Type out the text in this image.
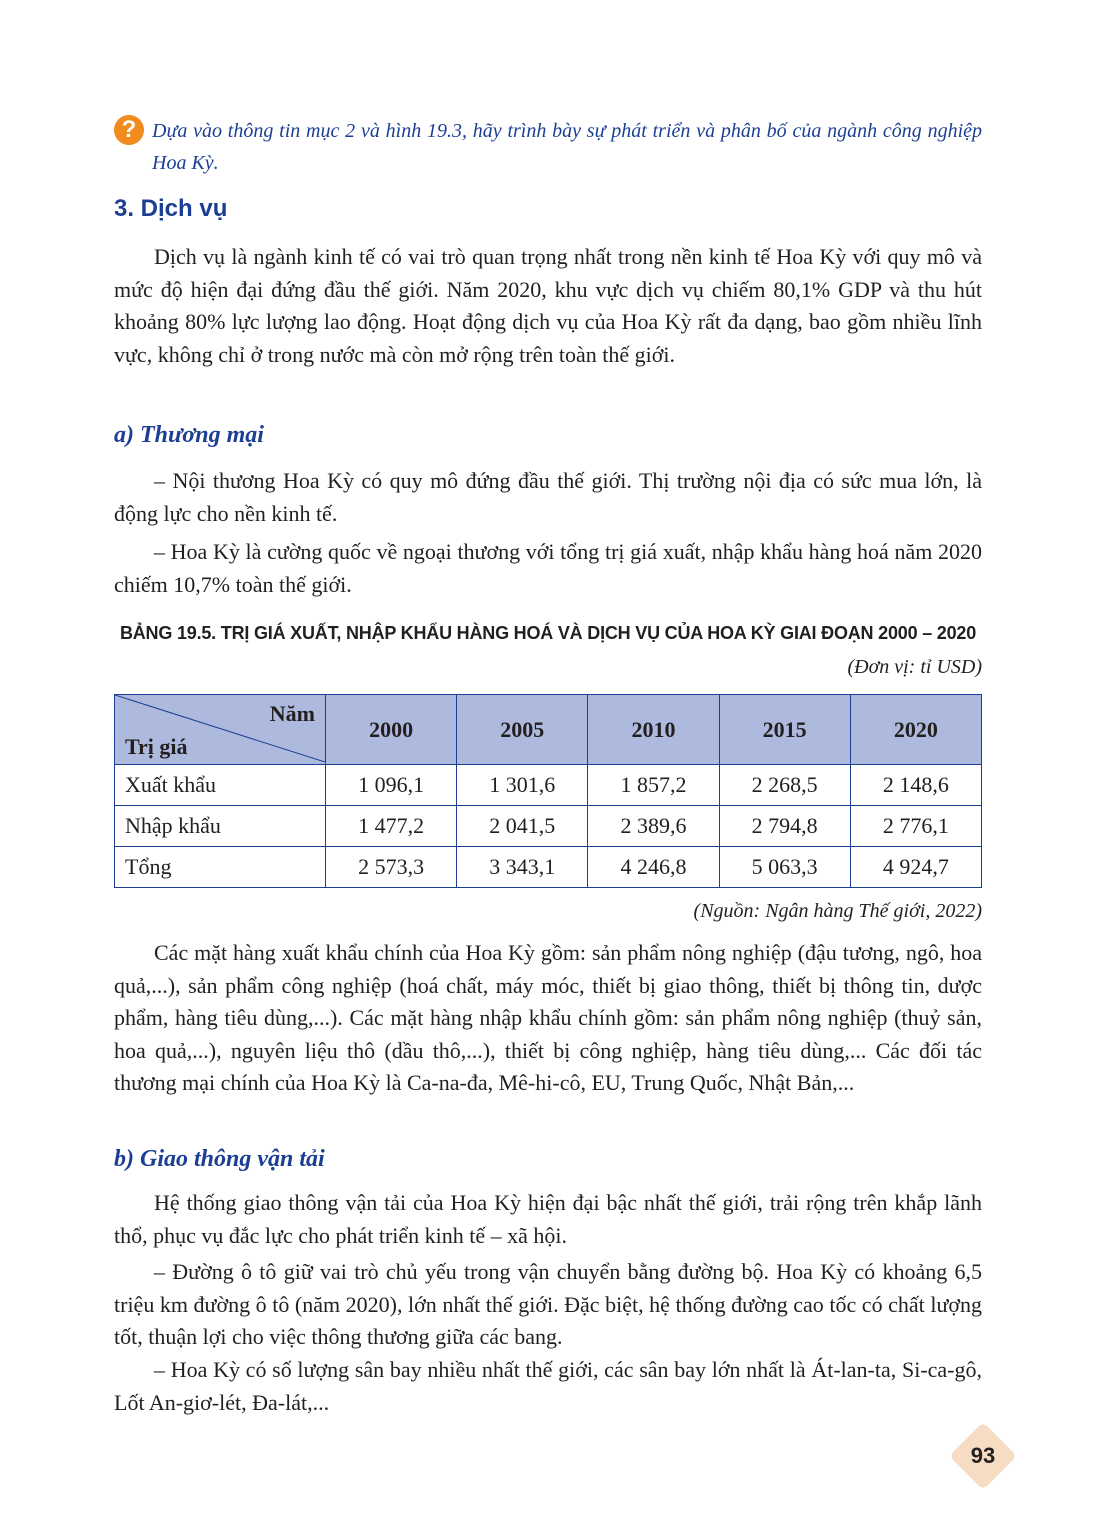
? Dựa vào thông tin mục 2 và hình 19.3, hãy trình bày sự phát triển và phân bố của ngành công nghiệp Hoa Kỳ.

3. Dịch vụ

Dịch vụ là ngành kinh tế có vai trò quan trọng nhất trong nền kinh tế Hoa Kỳ với quy mô và mức độ hiện đại đứng đầu thế giới. Năm 2020, khu vực dịch vụ chiếm 80,1% GDP và thu hút khoảng 80% lực lượng lao động. Hoạt động dịch vụ của Hoa Kỳ rất đa dạng, bao gồm nhiều lĩnh vực, không chỉ ở trong nước mà còn mở rộng trên toàn thế giới.

a) Thương mại

– Nội thương Hoa Kỳ có quy mô đứng đầu thế giới. Thị trường nội địa có sức mua lớn, là động lực cho nền kinh tế.

– Hoa Kỳ là cường quốc về ngoại thương với tổng trị giá xuất, nhập khẩu hàng hoá năm 2020 chiếm 10,7% toàn thế giới.

BẢNG 19.5. TRỊ GIÁ XUẤT, NHẬP KHẨU HÀNG HOÁ VÀ DỊCH VỤ CỦA HOA KỲ GIAI ĐOẠN 2000 – 2020

(Đơn vị: tỉ USD)
Năm
Trị giá	2000	2005	2010	2015	2020
Xuất khẩu	1 096,1	1 301,6	1 857,2	2 268,5	2 148,6
Nhập khẩu	1 477,2	2 041,5	2 389,6	2 794,8	2 776,1
Tổng	2 573,3	3 343,1	4 246,8	5 063,3	4 924,7
(Nguồn: Ngân hàng Thế giới, 2022)

Các mặt hàng xuất khẩu chính của Hoa Kỳ gồm: sản phẩm nông nghiệp (đậu tương, ngô, hoa quả,...), sản phẩm công nghiệp (hoá chất, máy móc, thiết bị giao thông, thiết bị thông tin, dược phẩm, hàng tiêu dùng,...). Các mặt hàng nhập khẩu chính gồm: sản phẩm nông nghiệp (thuỷ sản, hoa quả,...), nguyên liệu thô (dầu thô,...), thiết bị công nghiệp, hàng tiêu dùng,... Các đối tác thương mại chính của Hoa Kỳ là Ca-na-đa, Mê-hi-cô, EU, Trung Quốc, Nhật Bản,...

b) Giao thông vận tải

Hệ thống giao thông vận tải của Hoa Kỳ hiện đại bậc nhất thế giới, trải rộng trên khắp lãnh thổ, phục vụ đắc lực cho phát triển kinh tế – xã hội.

– Đường ô tô giữ vai trò chủ yếu trong vận chuyển bằng đường bộ. Hoa Kỳ có khoảng 6,5 triệu km đường ô tô (năm 2020), lớn nhất thế giới. Đặc biệt, hệ thống đường cao tốc có chất lượng tốt, thuận lợi cho việc thông thương giữa các bang.

– Hoa Kỳ có số lượng sân bay nhiều nhất thế giới, các sân bay lớn nhất là Át-lan-ta, Si-ca-gô, Lốt An-giơ-lét, Đa-lát,...

93
